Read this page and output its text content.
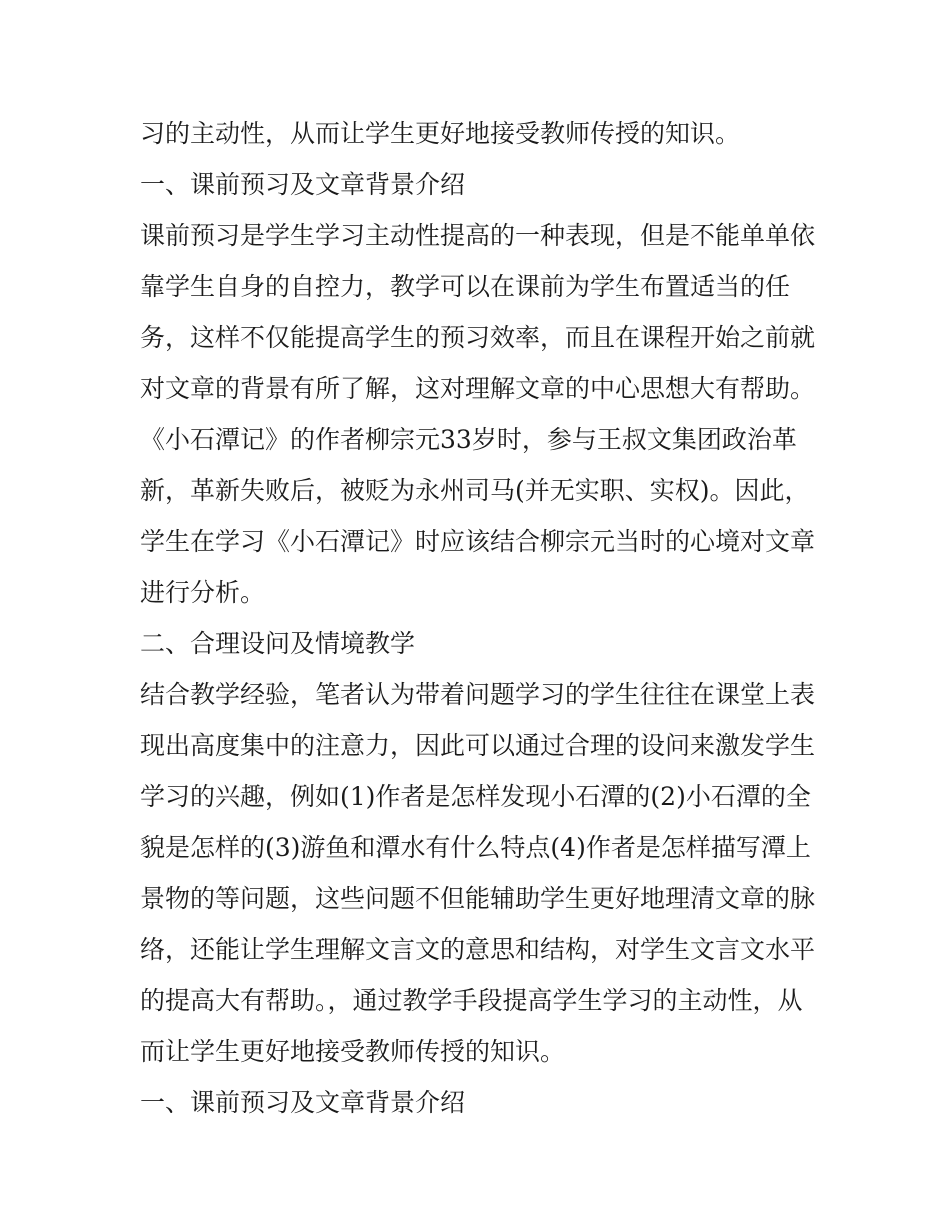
习的主动性，从而让学生更好地接受教师传授的知识。
一、课前预习及文章背景介绍
课前预习是学生学习主动性提高的一种表现，但是不能单单依
靠学生自身的自控力，教学可以在课前为学生布置适当的任
务，这样不仅能提高学生的预习效率，而且在课程开始之前就
对文章的背景有所了解，这对理解文章的中心思想大有帮助。
《小石潭记》的作者柳宗元33岁时，参与王叔文集团政治革
新，革新失败后，被贬为永州司马(并无实职、实权)。因此，
学生在学习《小石潭记》时应该结合柳宗元当时的心境对文章
进行分析。
二、合理设问及情境教学
结合教学经验，笔者认为带着问题学习的学生往往在课堂上表
现出高度集中的注意力，因此可以通过合理的设问来激发学生
学习的兴趣，例如(1)作者是怎样发现小石潭的(2)小石潭的全
貌是怎样的(3)游鱼和潭水有什么特点(4)作者是怎样描写潭上
景物的等问题，这些问题不但能辅助学生更好地理清文章的脉
络，还能让学生理解文言文的意思和结构，对学生文言文水平
的提高大有帮助。，通过教学手段提高学生学习的主动性，从
而让学生更好地接受教师传授的知识。
一、课前预习及文章背景介绍
